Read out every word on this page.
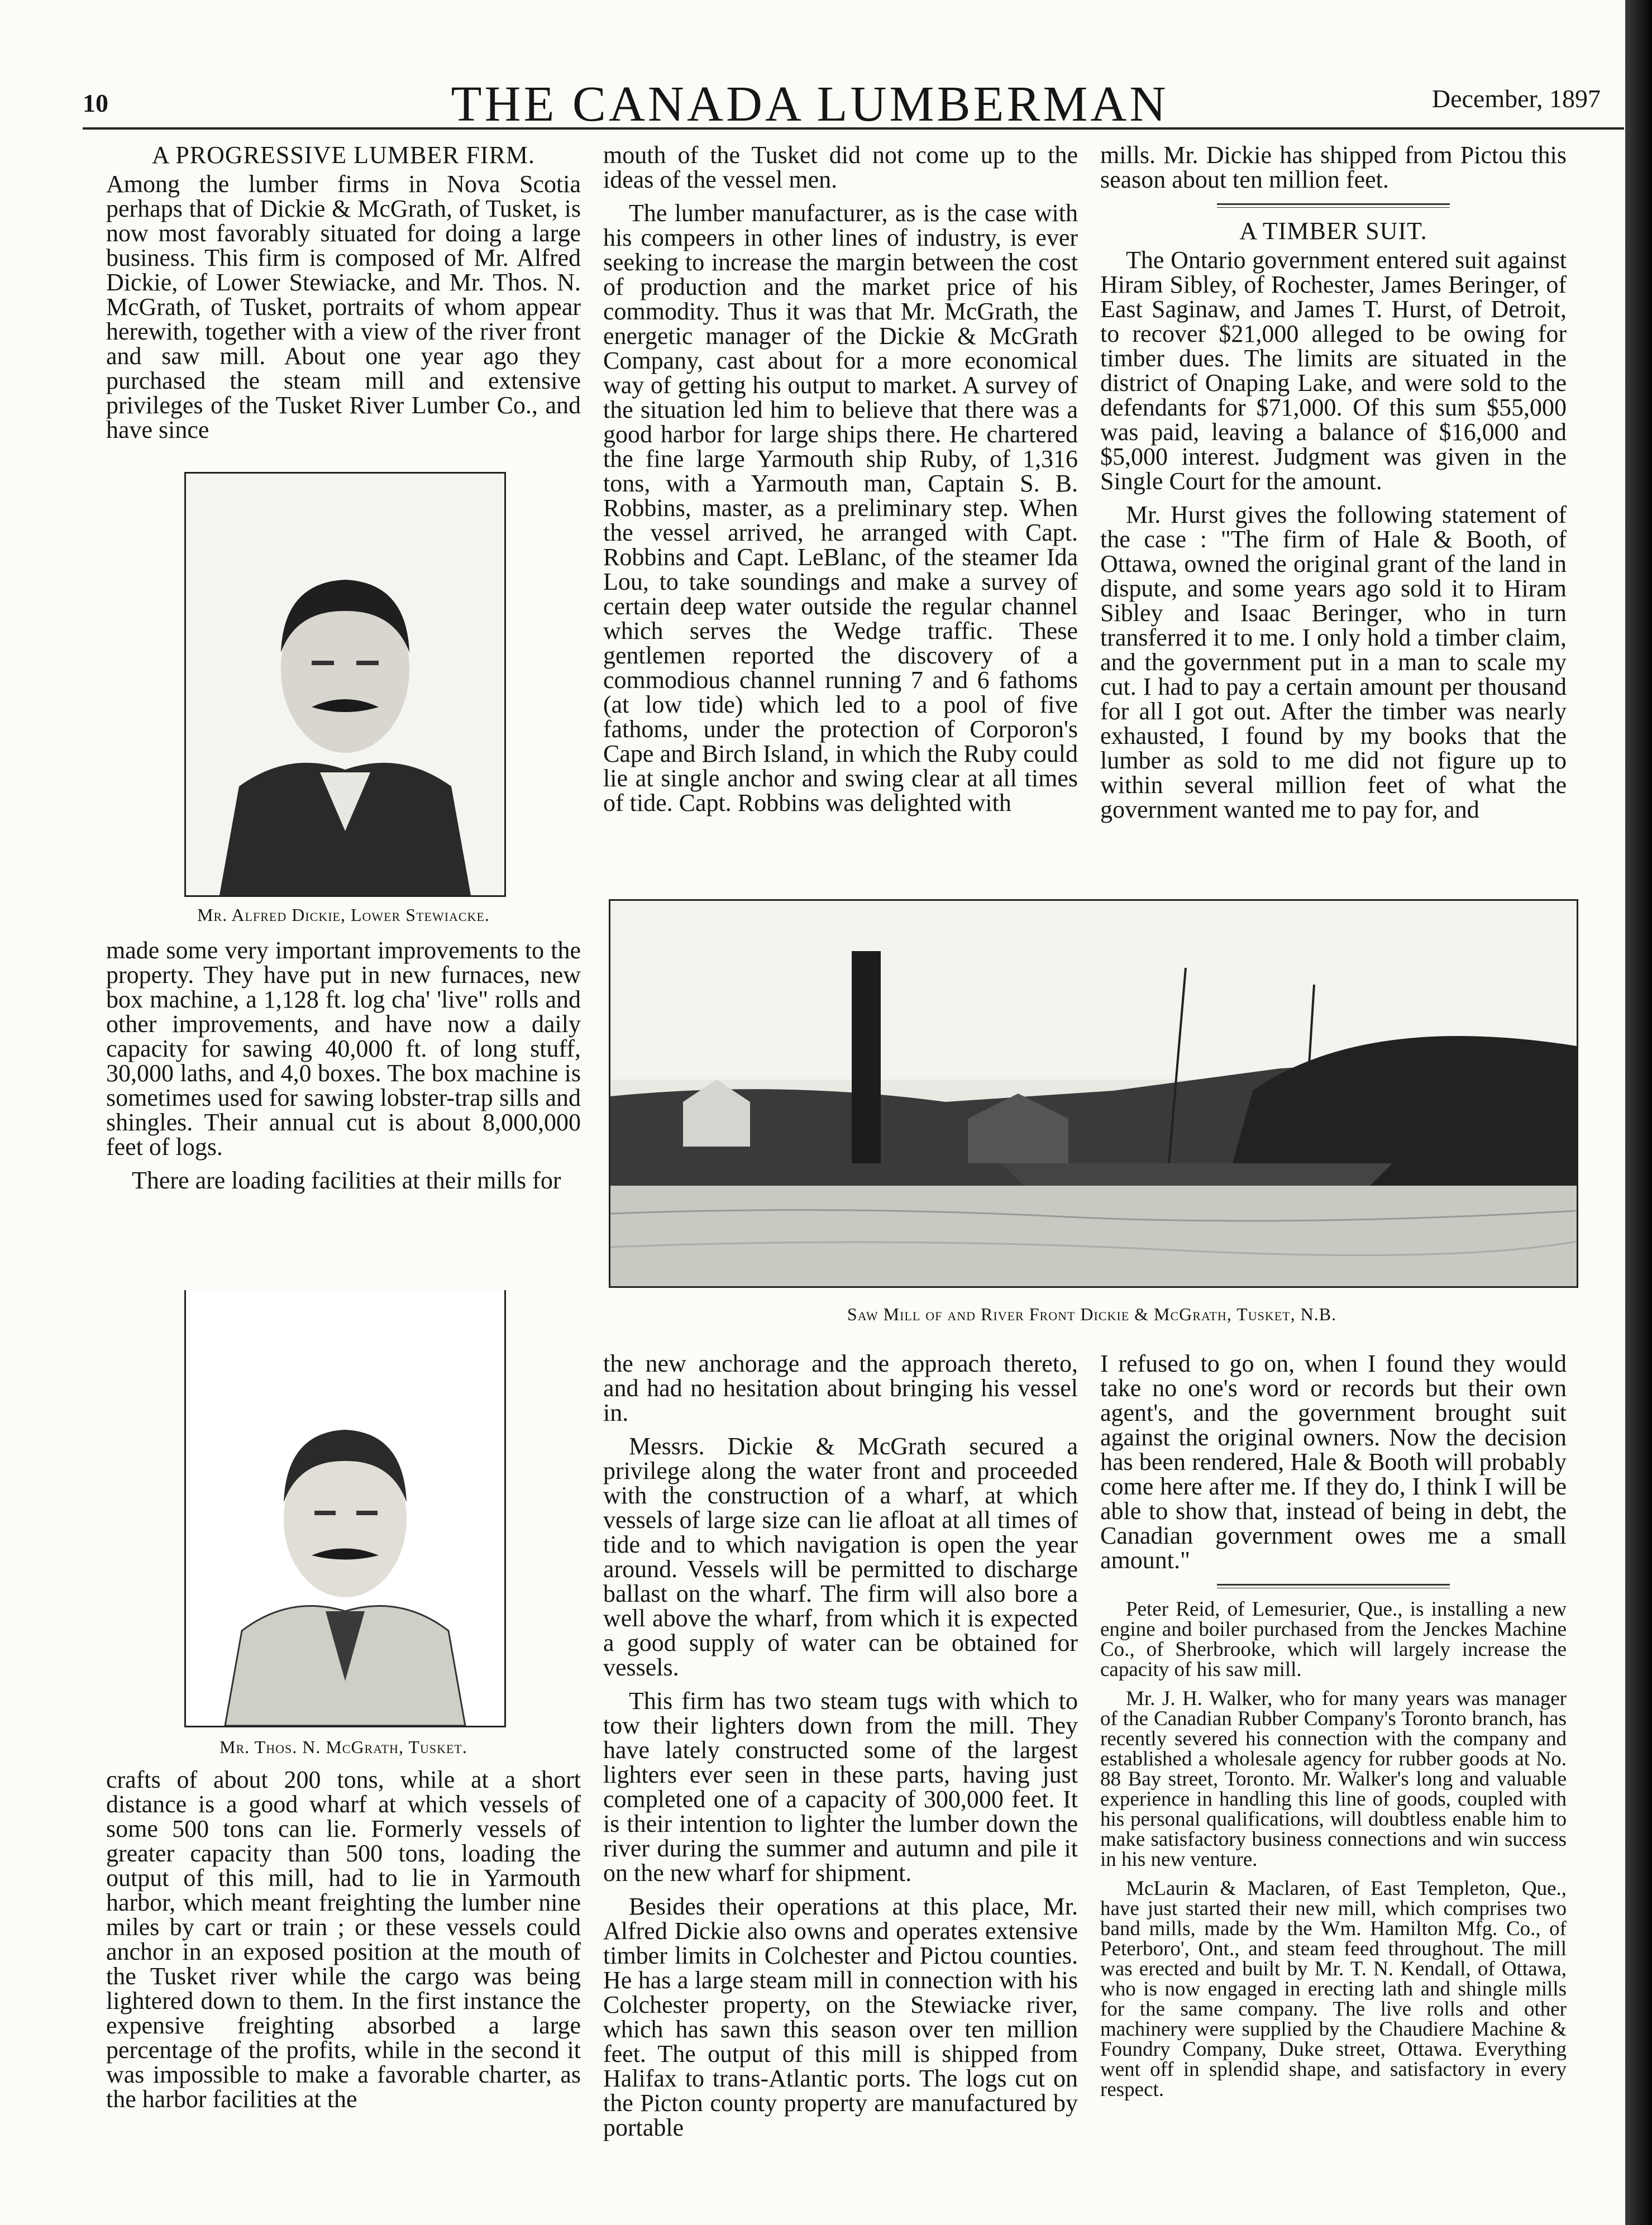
10	THE CANADA LUMBERMAN	December, 1897
A PROGRESSIVE LUMBER FIRM.

Among the lumber firms in Nova Scotia perhaps that of Dickie & McGrath, of Tusket, is now most favorably situated for doing a large business. This firm is composed of Mr. Alfred Dickie, of Lower Stewiacke, and Mr. Thos. N. McGrath, of Tusket, portraits of whom appear herewith, together with a view of the river front and saw mill. About one year ago they purchased the steam mill and extensive privileges of the Tusket River Lumber Co., and have since

Mr. Alfred Dickie, Lower Stewiacke.

made some very important improvements to the property. They have put in new furnaces, new box machine, a 1,128 ft. log cha' 'live" rolls and other improvements, and have now a daily capacity for sawing 40,000 ft. of long stuff, 30,000 laths, and 4,0 boxes. The box machine is sometimes used for sawing lobster-trap sills and shingles. Their annual cut is about 8,000,000 feet of logs.

There are loading facilities at their mills for

Mr. Thos. N. McGrath, Tusket.

crafts of about 200 tons, while at a short distance is a good wharf at which vessels of some 500 tons can lie. Formerly vessels of greater capacity than 500 tons, loading the output of this mill, had to lie in Yarmouth harbor, which meant freighting the lumber nine miles by cart or train ; or these vessels could anchor in an exposed position at the mouth of the Tusket river while the cargo was being lightered down to them. In the first instance the expensive freighting absorbed a large percentage of the profits, while in the second it was impossible to make a favorable charter, as the harbor facilities at the

mouth of the Tusket did not come up to the ideas of the vessel men.

The lumber manufacturer, as is the case with his compeers in other lines of industry, is ever seeking to increase the margin between the cost of production and the market price of his commodity. Thus it was that Mr. McGrath, the energetic manager of the Dickie & McGrath Company, cast about for a more economical way of getting his output to market. A survey of the situation led him to believe that there was a good harbor for large ships there. He chartered the fine large Yarmouth ship Ruby, of 1,316 tons, with a Yarmouth man, Captain S. B. Robbins, master, as a preliminary step. When the vessel arrived, he arranged with Capt. Robbins and Capt. LeBlanc, of the steamer Ida Lou, to take soundings and make a survey of certain deep water outside the regular channel which serves the Wedge traffic. These gentlemen reported the discovery of a commodious channel running 7 and 6 fathoms (at low tide) which led to a pool of five fathoms, under the protection of Corporon's Cape and Birch Island, in which the Ruby could lie at single anchor and swing clear at all times of tide. Capt. Robbins was delighted with

mills. Mr. Dickie has shipped from Pictou this season about ten million feet.

A TIMBER SUIT.

The Ontario government entered suit against Hiram Sibley, of Rochester, James Beringer, of East Saginaw, and James T. Hurst, of Detroit, to recover $21,000 alleged to be owing for timber dues. The limits are situated in the district of Onaping Lake, and were sold to the defendants for $71,000. Of this sum $55,000 was paid, leaving a balance of $16,000 and $5,000 interest. Judgment was given in the Single Court for the amount.

Mr. Hurst gives the following statement of the case : "The firm of Hale & Booth, of Ottawa, owned the original grant of the land in dispute, and some years ago sold it to Hiram Sibley and Isaac Beringer, who in turn transferred it to me. I only hold a timber claim, and the government put in a man to scale my cut. I had to pay a certain amount per thousand for all I got out. After the timber was nearly exhausted, I found by my books that the lumber as sold to me did not figure up to within several million feet of what the government wanted me to pay for, and

Saw Mill of and River Front Dickie & McGrath, Tusket, N.B.

the new anchorage and the approach thereto, and had no hesitation about bringing his vessel in.

Messrs. Dickie & McGrath secured a privilege along the water front and proceeded with the construction of a wharf, at which vessels of large size can lie afloat at all times of tide and to which navigation is open the year around. Vessels will be permitted to discharge ballast on the wharf. The firm will also bore a well above the wharf, from which it is expected a good supply of water can be obtained for vessels.

This firm has two steam tugs with which to tow their lighters down from the mill. They have lately constructed some of the largest lighters ever seen in these parts, having just completed one of a capacity of 300,000 feet. It is their intention to lighter the lumber down the river during the summer and autumn and pile it on the new wharf for shipment.

Besides their operations at this place, Mr. Alfred Dickie also owns and operates extensive timber limits in Colchester and Pictou counties. He has a large steam mill in connection with his Colchester property, on the Stewiacke river, which has sawn this season over ten million feet. The output of this mill is shipped from Halifax to trans-Atlantic ports. The logs cut on the Picton county property are manufactured by portable

I refused to go on, when I found they would take no one's word or records but their own agent's, and the government brought suit against the original owners. Now the decision has been rendered, Hale & Booth will probably come here after me. If they do, I think I will be able to show that, instead of being in debt, the Canadian government owes me a small amount."

Peter Reid, of Lemesurier, Que., is installing a new engine and boiler purchased from the Jenckes Machine Co., of Sherbrooke, which will largely increase the capacity of his saw mill.

Mr. J. H. Walker, who for many years was manager of the Canadian Rubber Company's Toronto branch, has recently severed his connection with the company and established a wholesale agency for rubber goods at No. 88 Bay street, Toronto. Mr. Walker's long and valuable experience in handling this line of goods, coupled with his personal qualifications, will doubtless enable him to make satisfactory business connections and win success in his new venture.

McLaurin & Maclaren, of East Templeton, Que., have just started their new mill, which comprises two band mills, made by the Wm. Hamilton Mfg. Co., of Peterboro', Ont., and steam feed throughout. The mill was erected and built by Mr. T. N. Kendall, of Ottawa, who is now engaged in erecting lath and shingle mills for the same company. The live rolls and other machinery were supplied by the Chaudiere Machine & Foundry Company, Duke street, Ottawa. Everything went off in splendid shape, and satisfactory in every respect.
